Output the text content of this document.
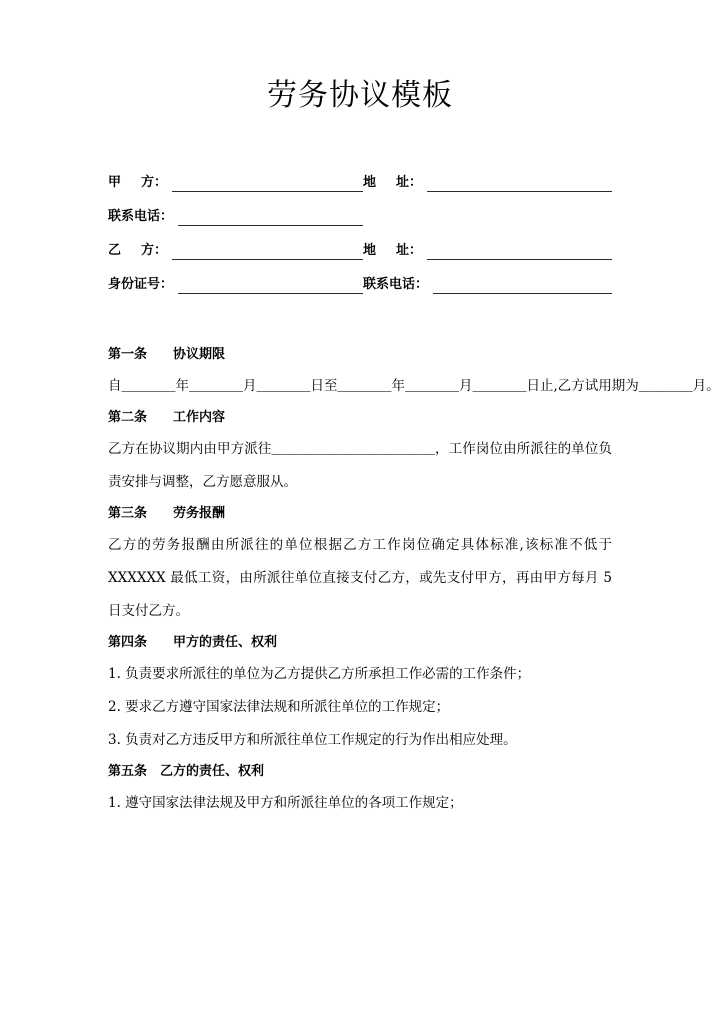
劳务协议模板
甲 方 ：	地 址 ：
联系电话 ：
乙 方 ：	地 址 ：
身份证号 ：	联系电话 ：
第一条　　协议期限

自＿＿＿＿年＿＿＿＿月＿＿＿＿日至＿＿＿＿年＿＿＿＿月＿＿＿＿日止,乙方试用期为＿＿＿＿月。

第二条　　工作内容

乙方在协议期内由甲方派往＿＿＿＿＿＿＿＿＿＿＿＿，工作岗位由所派往的单位负责安排与调整，乙方愿意服从。

第三条　　劳务报酬

乙方的劳务报酬由所派往的单位根据乙方工作岗位确定具体标准,该标准不低于XXXXXX 最低工资，由所派往单位直接支付乙方，或先支付甲方，再由甲方每月 5 日支付乙方。

第四条　　甲方的责任、权利

1. 负责要求所派往的单位为乙方提供乙方所承担工作必需的工作条件；

2. 要求乙方遵守国家法律法规和所派往单位的工作规定；

3. 负责对乙方违反甲方和所派往单位工作规定的行为作出相应处理。

第五条　乙方的责任、权利

1. 遵守国家法律法规及甲方和所派往单位的各项工作规定；
